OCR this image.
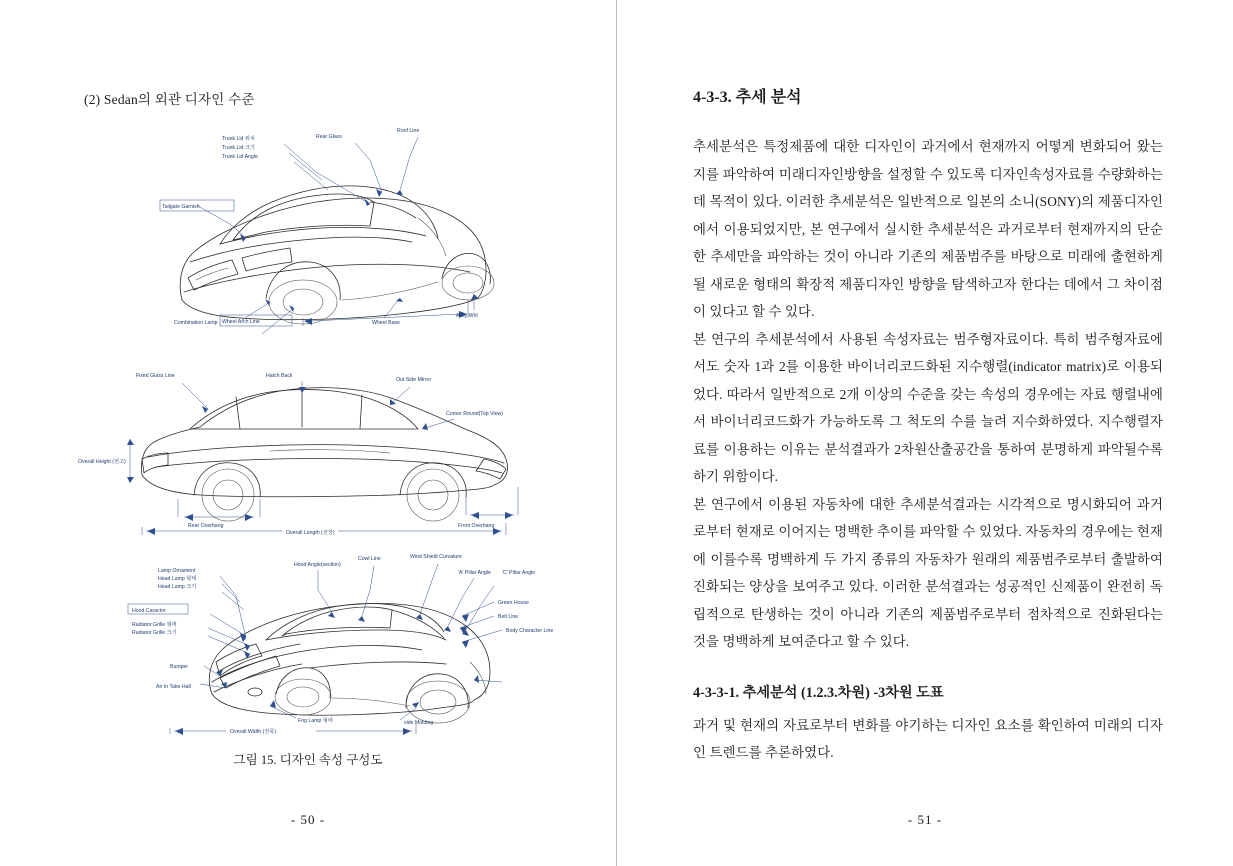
(2) Sedan의 외관 디자인 수준
Trunk Lid 위치
Trunk Lid 크기
Trunk Lid Angle
Rear Glass
Roof Line
Tailgate Garnish
Combination Lamp Wheel Arch Line	Wheel Base
Alloy Whl
Fixed Glass Line	Hatch Back
Out Side Mirror
Corner Round(Top View)
Overall Height (전고)
Rear Overhang	Front Overhang
Overall Length (전장)
Lamp Ornament
Head Lamp 형태
Head Lamp 크기
Hood Angle(section)
Cowl Line	Wind Shield Curvature
'A' Pillar Angle 'C' Pillar Angle
Hood Caractor
Radiator Grille 형태
Radiator Grille 크기
Green House
Belt Line
Body Character Line
Bumper
Air In Take Hall
Overall Width (전폭)
Fog Lamp 형태	side Molding
그림 15. 디자인 속성 구성도
- 50 -
4-3-3. 추세 분석

추세분석은 특정제품에 대한 디자인이 과거에서 현재까지 어떻게 변화되어 왔는지를 파악하여 미래디자인방향을 설정할 수 있도록 디자인속성자료를 수량화하는데 목적이 있다. 이러한 추세분석은 일반적으로 일본의 소니(SONY)의 제품디자인에서 이용되었지만, 본 연구에서 실시한 추세분석은 과거로부터 현재까지의 단순한 추세만을 파악하는 것이 아니라 기존의 제품범주를 바탕으로 미래에 출현하게 될 새로운 형태의 확장적 제품디자인 방향을 탐색하고자 한다는 데에서 그 차이점이 있다고 할 수 있다.

본 연구의 추세분석에서 사용된 속성자료는 범주형자료이다. 특히 범주형자료에서도 숫자 1과 2를 이용한 바이너리코드화된 지수행렬(indicator matrix)로 이용되었다. 따라서 일반적으로 2개 이상의 수준을 갖는 속성의 경우에는 자료 행렬내에서 바이너리코드화가 가능하도록 그 척도의 수를 늘려 지수화하였다. 지수행렬자료를 이용하는 이유는 분석결과가 2차원산출공간을 통하여 분명하게 파악될수록 하기 위함이다.

본 연구에서 이용된 자동차에 대한 추세분석결과는 시각적으로 명시화되어 과거로부터 현재로 이어지는 명백한 추이를 파악할 수 있었다. 자동차의 경우에는 현재에 이를수록 명백하게 두 가지 종류의 자동차가 원래의 제품범주로부터 출발하여 진화되는 양상을 보여주고 있다. 이러한 분석결과는 성공적인 신제품이 완전히 독립적으로 탄생하는 것이 아니라 기존의 제품범주로부터 점차적으로 진화된다는 것을 명백하게 보여준다고 할 수 있다.

4-3-3-1. 추세분석 (1.2.3.차원) -3차원 도표

과거 및 현재의 자료로부터 변화를 야기하는 디자인 요소를 확인하여 미래의 디자인 트렌드를 추론하였다.

- 51 -
